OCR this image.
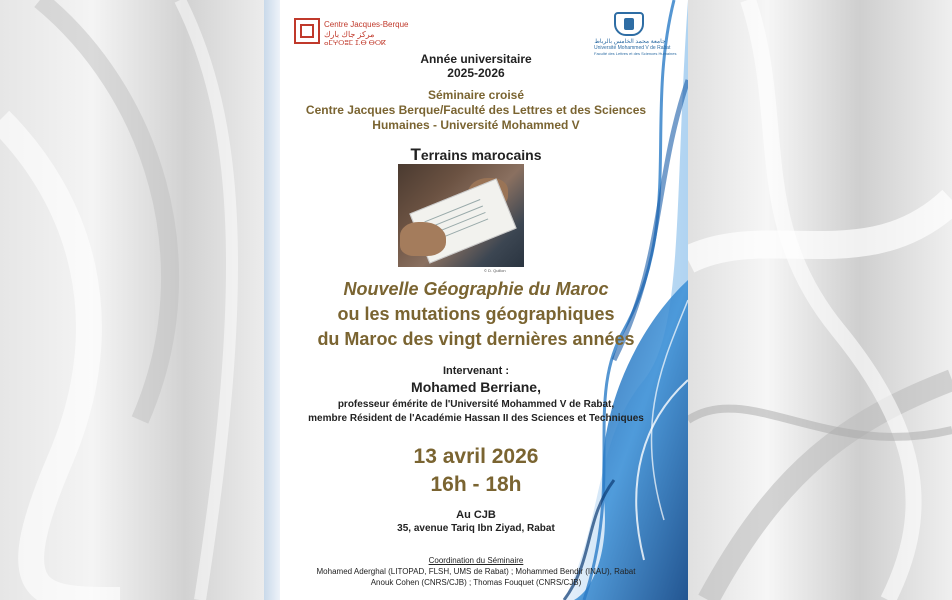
Centre Jacques-Berque
مركز جاك بارك
ⴰⵎⵖⵔⵓⵎ ⵊ.ⴱ ⴱⵔⴽ	جامعة محمد الخامس بالرباط
Université Mohammed V de Rabat
Faculté des Lettres et des Sciences Humaines
Année universitaire
2025-2026
Séminaire croisé
Centre Jacques Berque/Faculté des Lettres et des Sciences
Humaines - Université Mohammed V
Terrains marocains
© D. Quillon
Nouvelle Géographie du Maroc
ou les mutations géographiques
du Maroc des vingt dernières années
Intervenant :
Mohamed Berriane,
professeur émérite de l'Université Mohammed V de Rabat,
membre Résident de l'Académie Hassan II des Sciences et Techniques
13 avril 2026
16h - 18h
Au CJB
35, avenue Tariq Ibn Ziyad, Rabat
Coordination du Séminaire
Mohamed Aderghal (LITOPAD, FLSH, UMS de Rabat) ; Mohammed Bendir (INAU), Rabat
Anouk Cohen (CNRS/CJB) ; Thomas Fouquet (CNRS/CJB)
